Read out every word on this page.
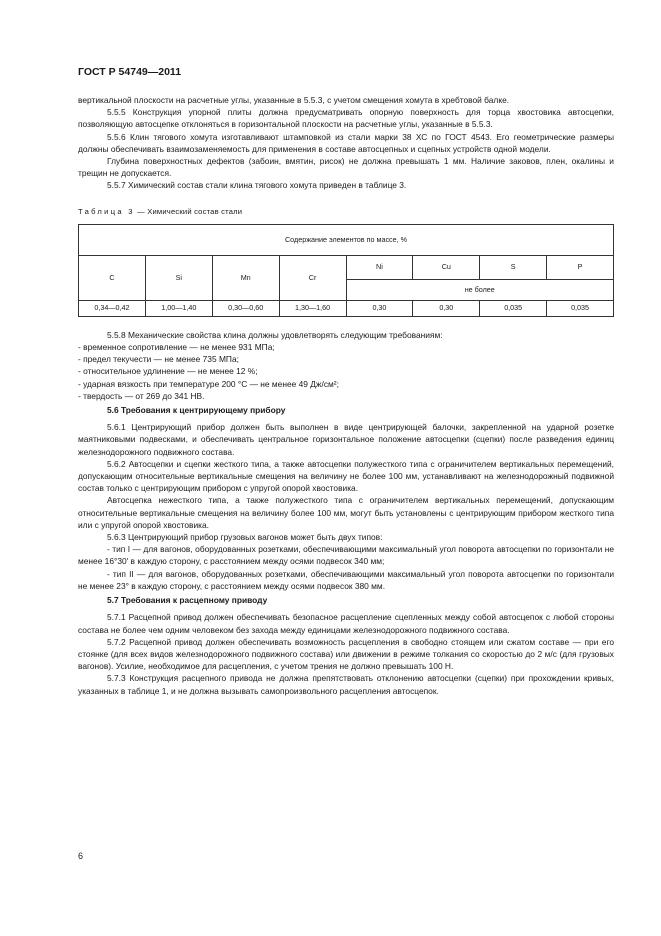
ГОСТ Р 54749—2011

вертикальной плоскости на расчетные углы, указанные в 5.5.3, с учетом смещения хомута в хребтовой балке.

5.5.5 Конструкция упорной плиты должна предусматривать опорную поверхность для торца хвостовика автосцепки, позволяющую автосцепке отклоняться в горизонтальной плоскости на расчетные углы, указанные в 5.5.3.

5.5.6 Клин тягового хомута изготавливают штамповкой из стали марки 38 ХС по ГОСТ 4543. Его геометрические размеры должны обеспечивать взаимозаменяемость для применения в составе автосцепных и сцепных устройств одной модели.

Глубина поверхностных дефектов (забоин, вмятин, рисок) не должна превышать 1 мм. Наличие заковов, плен, окалины и трещин не допускается.

5.5.7 Химический состав стали клина тягового хомута приведен в таблице 3.

Таблица 3 — Химический состав стали

Содержание элементов по массе, %							
C	Si	Mn	Cr	Ni	Cu	S	P
				не более			
0,34—0,42	1,00—1,40	0,30—0,60	1,30—1,60	0,30	0,30	0,035	0,035

5.5.8 Механические свойства клина должны удовлетворять следующим требованиям:

- временное сопротивление — не менее 931 МПа;

- предел текучести — не менее 735 МПа;

- относительное удлинение — не менее 12 %;

- ударная вязкость при температуре 200 °С — не менее 49 Дж/см²;

- твердость — от 269 до 341 НВ.

5.6 Требования к центрирующему прибору

5.6.1 Центрирующий прибор должен быть выполнен в виде центрирующей балочки, закрепленной на ударной розетке маятниковыми подвесками, и обеспечивать центральное горизонтальное положение автосцепки (сцепки) после разведения единиц железнодорожного подвижного состава.

5.6.2 Автосцепки и сцепки жесткого типа, а также автосцепки полужесткого типа с ограничителем вертикальных перемещений, допускающим относительные вертикальные смещения на величину не более 100 мм, устанавливают на железнодорожный подвижной состав только с центрирующим прибором с упругой опорой хвостовика.

Автосцепка нежесткого типа, а также полужесткого типа с ограничителем вертикальных перемещений, допускающим относительные вертикальные смещения на величину более 100 мм, могут быть установлены с центрирующим прибором жесткого типа или с упругой опорой хвостовика.

5.6.3 Центрирующий прибор грузовых вагонов может быть двух типов:

- тип I — для вагонов, оборудованных розетками, обеспечивающими максимальный угол поворота автосцепки по горизонтали не менее 16°30′ в каждую сторону, с расстоянием между осями подвесок 340 мм;

- тип II — для вагонов, оборудованных розетками, обеспечивающими максимальный угол поворота автосцепки по горизонтали не менее 23° в каждую сторону, с расстоянием между осями подвесок 380 мм.

5.7 Требования к расцепному приводу

5.7.1 Расцепной привод должен обеспечивать безопасное расцепление сцепленных между собой автосцепок с любой стороны состава не более чем одним человеком без захода между единицами железнодорожного подвижного состава.

5.7.2 Расцепной привод должен обеспечивать возможность расцепления в свободно стоящем или сжатом составе — при его стоянке (для всех видов железнодорожного подвижного состава) или движении в режиме толкания со скоростью до 2 м/с (для грузовых вагонов). Усилие, необходимое для расцепления, с учетом трения не должно превышать 100 Н.

5.7.3 Конструкция расцепного привода не должна препятствовать отклонению автосцепки (сцепки) при прохождении кривых, указанных в таблице 1, и не должна вызывать самопроизвольного расцепления автосцепок.

6
